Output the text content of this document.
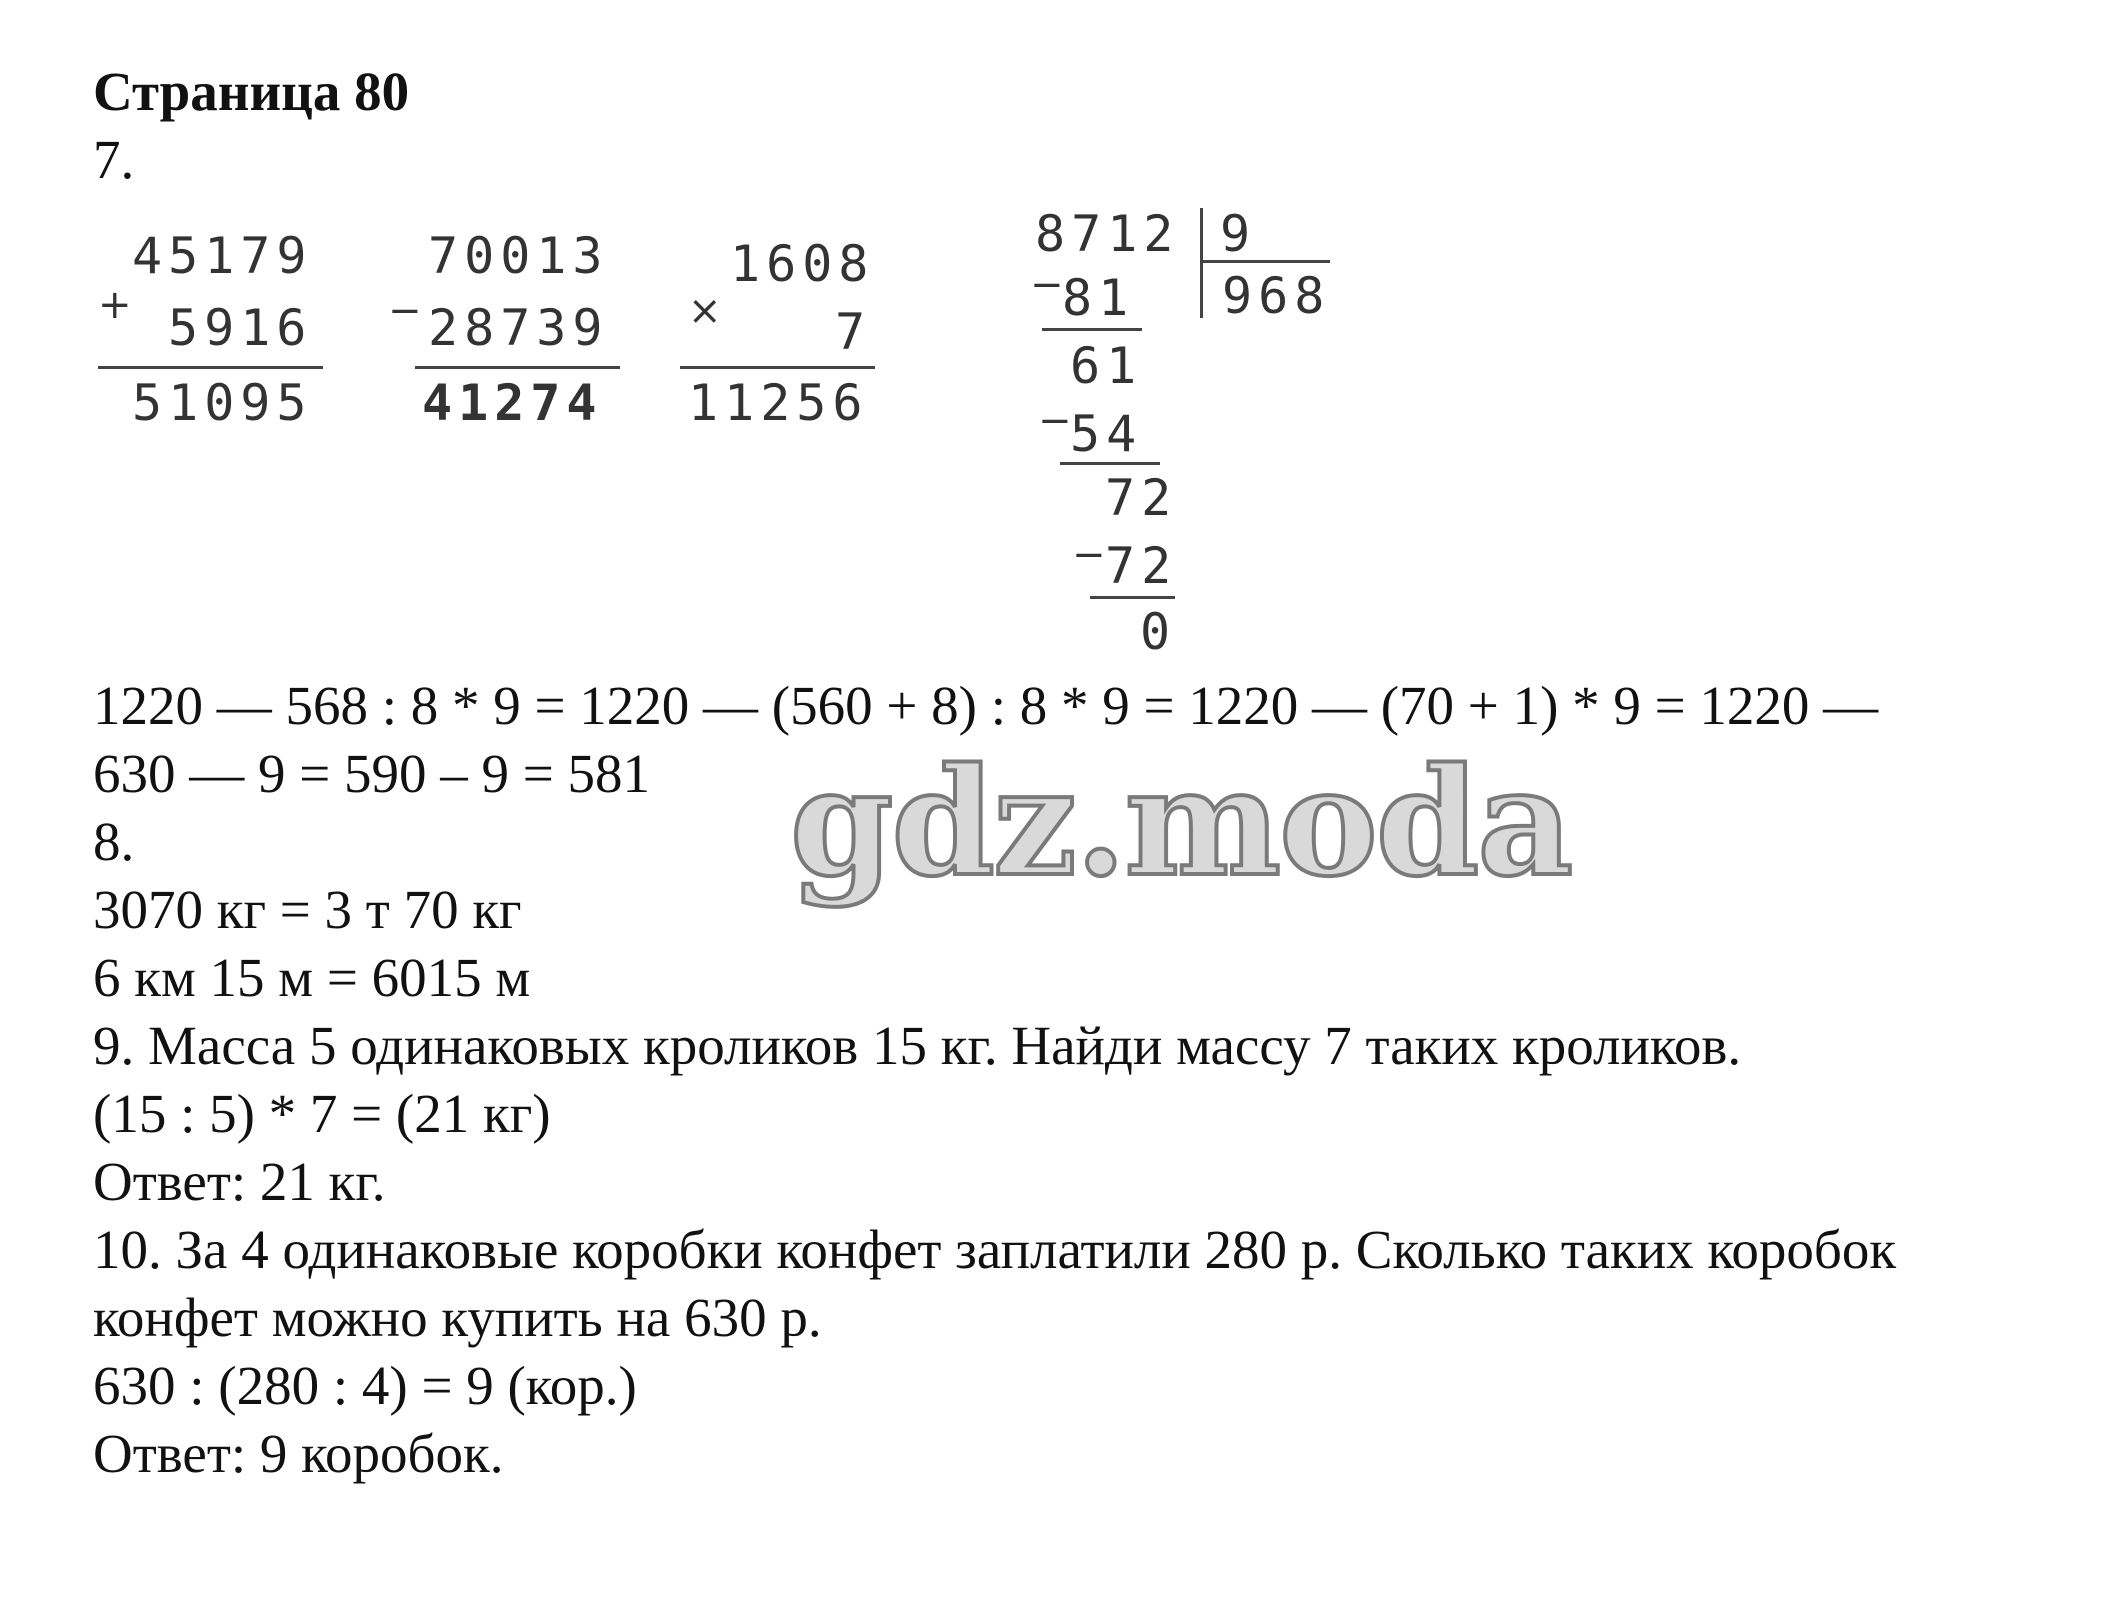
Страница 80
7.
+
45179
5916
51095
−
70013
28739
41274
×
1608
7
11256
8712 9
968
−
81
61
−
54
72
− 72
0
1220 — 568 : 8 * 9 = 1220 — (560 + 8) : 8 * 9 = 1220 — (70 + 1) * 9 = 1220 —
630 — 9 = 590 – 9 = 581 gdz.moda
8.
3070 кг = 3 т 70 кг
6 км 15 м = 6015 м
9. Масса 5 одинаковых кроликов 15 кг. Найди массу 7 таких кроликов.
(15 : 5) * 7 = (21 кг)
Ответ: 21 кг.
10. За 4 одинаковые коробки конфет заплатили 280 р. Сколько таких коробок
конфет можно купить на 630 р.
630 : (280 : 4) = 9 (кор.)
Ответ: 9 коробок.
